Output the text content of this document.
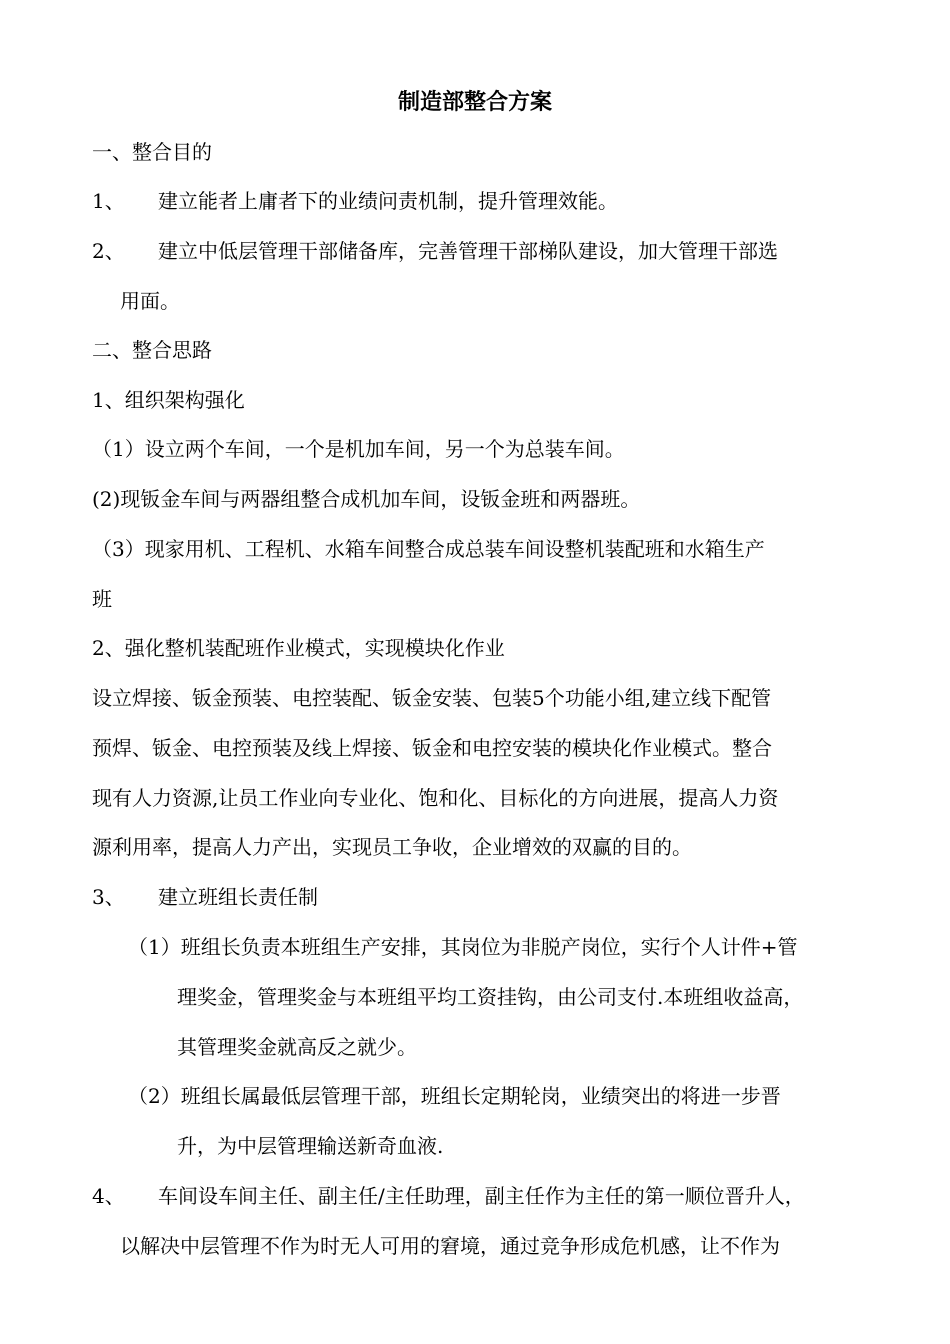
制造部整合方案
一、整合目的
1、 建立能者上庸者下的业绩问责机制，提升管理效能。
2、 建立中低层管理干部储备库，完善管理干部梯队建设，加大管理干部选
用面。
二、整合思路
1、组织架构强化
（1）设立两个车间，一个是机加车间，另一个为总装车间。
(2)现钣金车间与两器组整合成机加车间，设钣金班和两器班。
（3）现家用机、工程机、水箱车间整合成总装车间设整机装配班和水箱生产
班
2、强化整机装配班作业模式，实现模块化作业
设立焊接、钣金预装、电控装配、钣金安装、包装5个功能小组,建立线下配管
预焊、钣金、电控预装及线上焊接、钣金和电控安装的模块化作业模式。整合
现有人力资源,让员工作业向专业化、饱和化、目标化的方向进展，提高人力资
源利用率，提高人力产出，实现员工争收，企业增效的双赢的目的。
3、 建立班组长责任制
（1）班组长负责本班组生产安排，其岗位为非脱产岗位，实行个人计件+管
理奖金，管理奖金与本班组平均工资挂钩，由公司支付.本班组收益高，
其管理奖金就高反之就少。
（2）班组长属最低层管理干部，班组长定期轮岗，业绩突出的将进一步晋
升，为中层管理输送新奇血液.
4、 车间设车间主任、副主任/主任助理，副主任作为主任的第一顺位晋升人，
以解决中层管理不作为时无人可用的窘境，通过竞争形成危机感，让不作为
